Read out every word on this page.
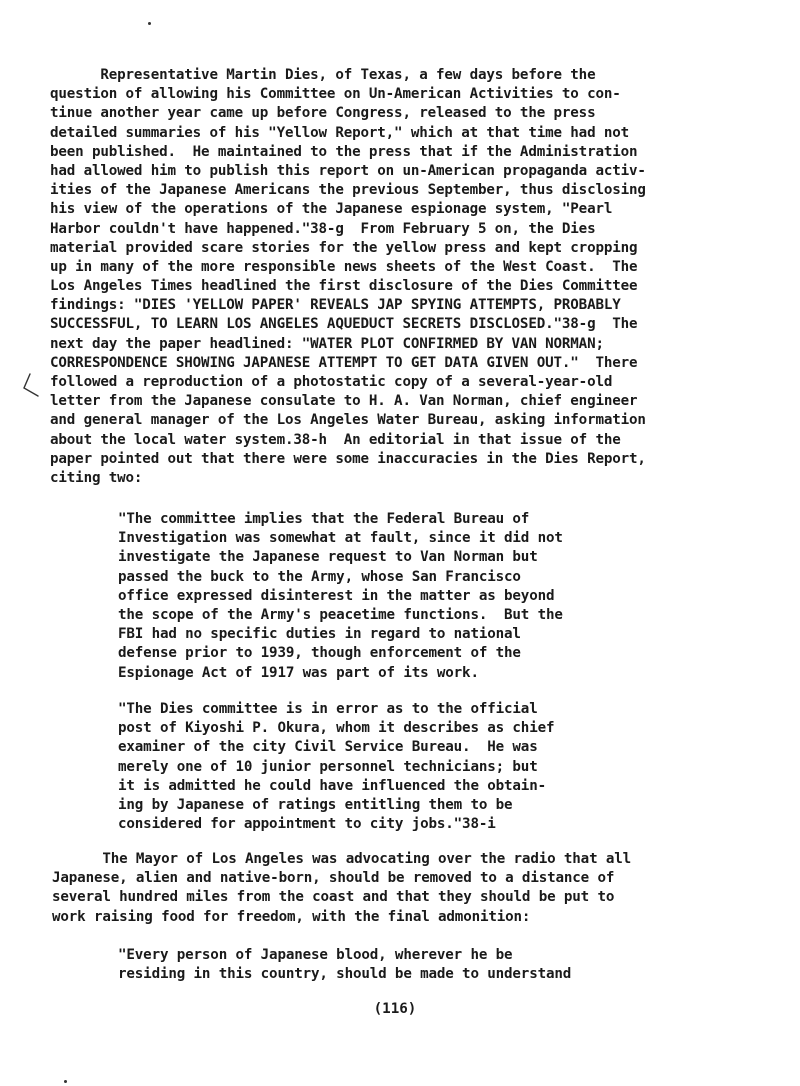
Representative Martin Dies, of Texas, a few days before the
question of allowing his Committee on Un-American Activities to con-
tinue another year came up before Congress, released to the press
detailed summaries of his "Yellow Report," which at that time had not
been published.  He maintained to the press that if the Administration
had allowed him to publish this report on un-American propaganda activ-
ities of the Japanese Americans the previous September, thus disclosing
his view of the operations of the Japanese espionage system, "Pearl
Harbor couldn't have happened."38-g  From February 5 on, the Dies
material provided scare stories for the yellow press and kept cropping
up in many of the more responsible news sheets of the West Coast.  The
Los Angeles Times headlined the first disclosure of the Dies Committee
findings: "DIES 'YELLOW PAPER' REVEALS JAP SPYING ATTEMPTS, PROBABLY
SUCCESSFUL, TO LEARN LOS ANGELES AQUEDUCT SECRETS DISCLOSED."38-g  The
next day the paper headlined: "WATER PLOT CONFIRMED BY VAN NORMAN;
CORRESPONDENCE SHOWING JAPANESE ATTEMPT TO GET DATA GIVEN OUT."  There
followed a reproduction of a photostatic copy of a several-year-old
letter from the Japanese consulate to H. A. Van Norman, chief engineer
and general manager of the Los Angeles Water Bureau, asking information
about the local water system.38-h  An editorial in that issue of the
paper pointed out that there were some inaccuracies in the Dies Report,
citing two:
"The committee implies that the Federal Bureau of
Investigation was somewhat at fault, since it did not
investigate the Japanese request to Van Norman but
passed the buck to the Army, whose San Francisco
office expressed disinterest in the matter as beyond
the scope of the Army's peacetime functions.  But the
FBI had no specific duties in regard to national
defense prior to 1939, though enforcement of the
Espionage Act of 1917 was part of its work.
"The Dies committee is in error as to the official
post of Kiyoshi P. Okura, whom it describes as chief
examiner of the city Civil Service Bureau.  He was
merely one of 10 junior personnel technicians; but
it is admitted he could have influenced the obtain-
ing by Japanese of ratings entitling them to be
considered for appointment to city jobs."38-i
The Mayor of Los Angeles was advocating over the radio that all
Japanese, alien and native-born, should be removed to a distance of
several hundred miles from the coast and that they should be put to
work raising food for freedom, with the final admonition:
"Every person of Japanese blood, wherever he be
residing in this country, should be made to understand
(116)
